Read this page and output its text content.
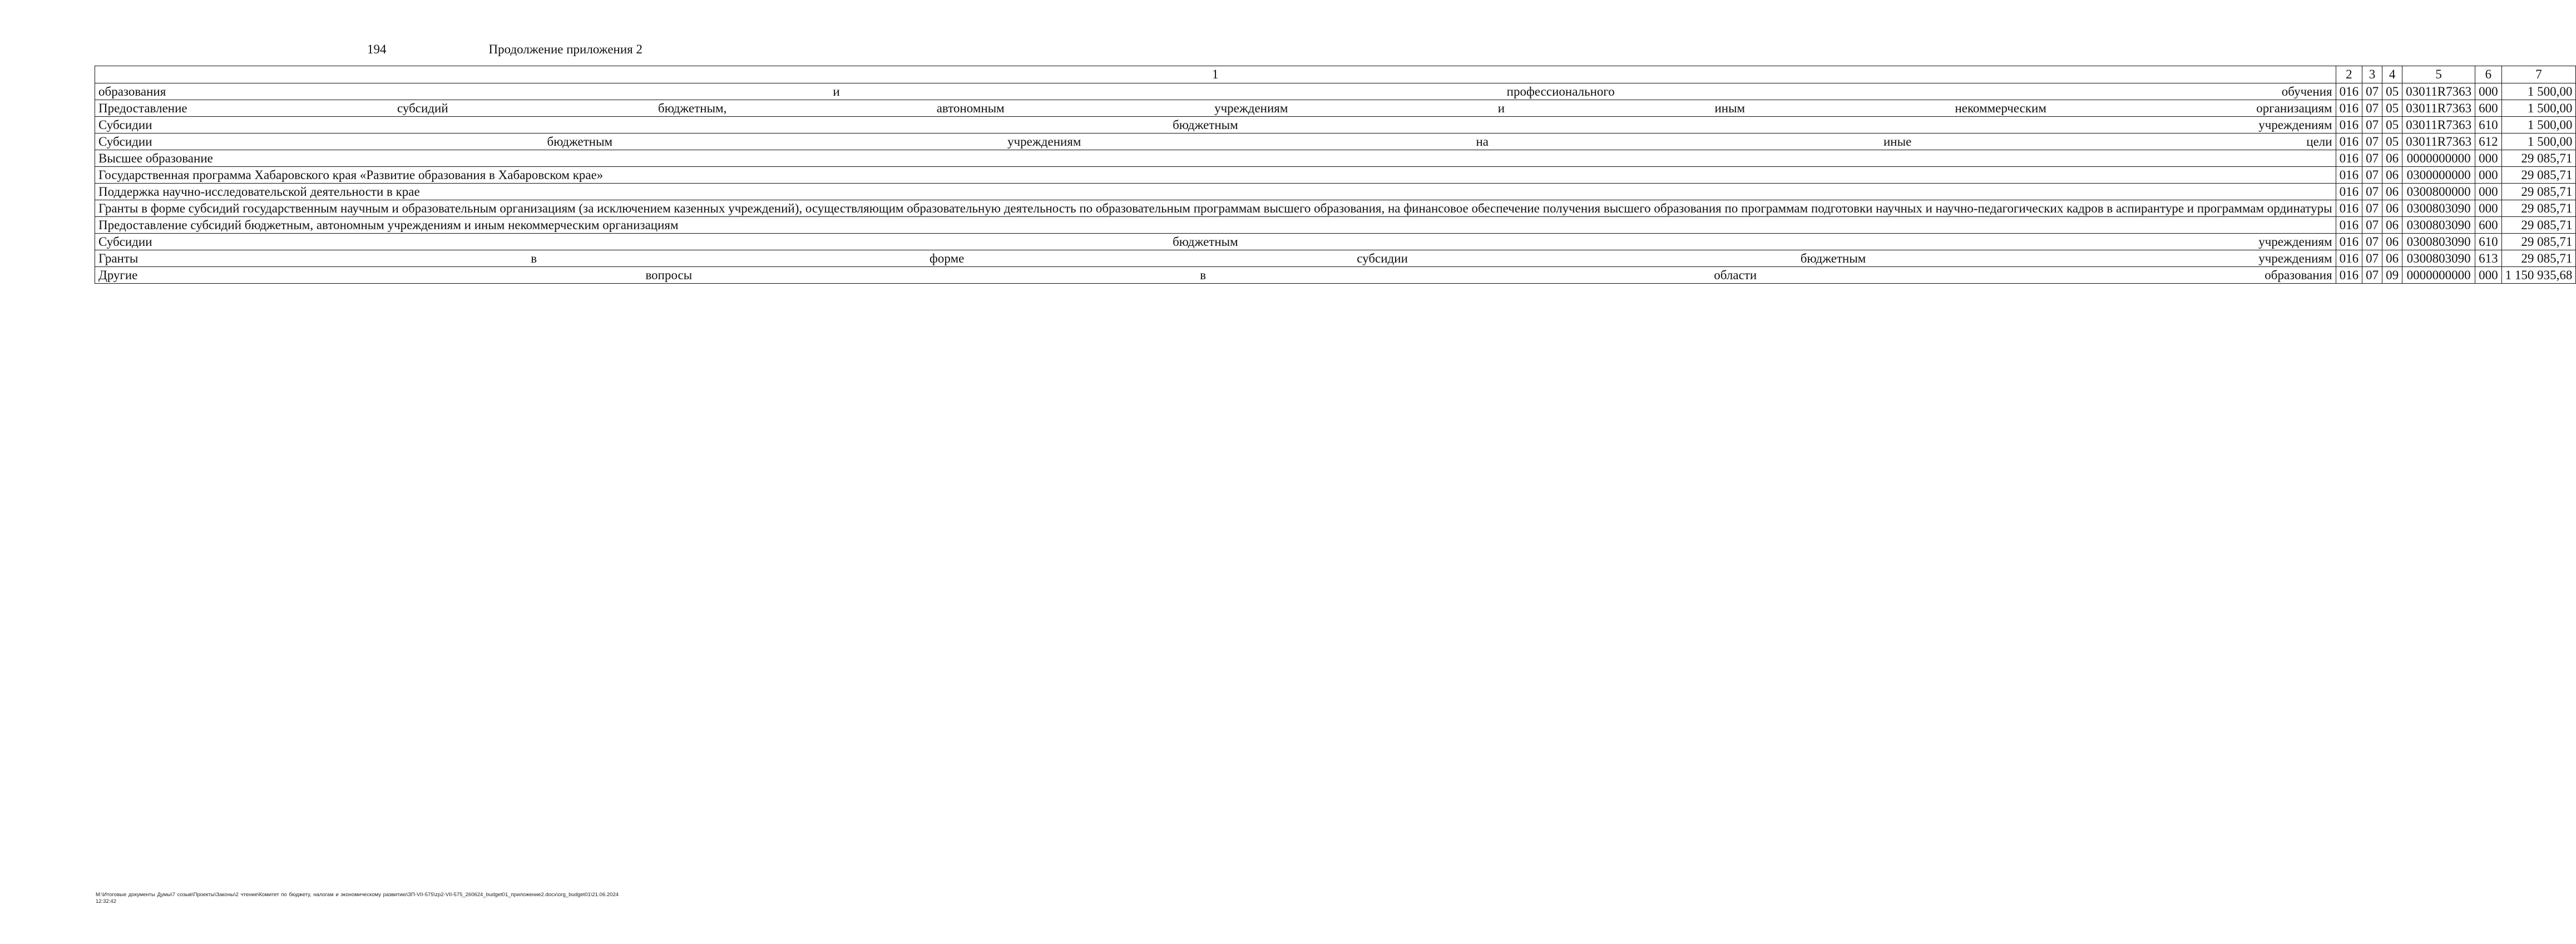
194	Продолжение приложения 2
1	2	3	4	5	6	7
образования и профессионального обучения	016	07	05	03011R7363	000	1 500,00
Предоставление субсидий бюджетным, автономным учреждениям и иным некоммерческим организациям	016	07	05	03011R7363	600	1 500,00
Субсидии бюджетным учреждениям	016	07	05	03011R7363	610	1 500,00
Субсидии бюджетным учреждениям на иные цели	016	07	05	03011R7363	612	1 500,00
Высшее образование	016	07	06	0000000000	000	29 085,71
Государственная программа Хабаровского края «Развитие образования в Хабаровском крае»	016	07	06	0300000000	000	29 085,71
Поддержка научно-исследовательской деятельности в крае	016	07	06	0300800000	000	29 085,71
Гранты в форме субсидий государственным научным и образовательным организациям (за исключением казенных учреждений), осуществляющим образовательную деятельность по образовательным программам высшего образования, на финансовое обеспечение получения высшего образования по программам подготовки научных и научно-педагогических кадров в аспирантуре и программам ординатуры	016	07	06	0300803090	000	29 085,71
Предоставление субсидий бюджетным, автономным учреждениям и иным некоммерческим организациям	016	07	06	0300803090	600	29 085,71
Субсидии бюджетным учреждениям	016	07	06	0300803090	610	29 085,71
Гранты в форме субсидии бюджетным учреждениям	016	07	06	0300803090	613	29 085,71
Другие вопросы в области образования	016	07	09	0000000000	000	1 150 935,68
M:\Итоговые документы Думы\7 созыв\Проекты\Законы\2 чтение\Комитет по бюджету, налогам и экономическому развитию\ЗП-VII-575\zp2-VII-575_260624_budget01_приложение2.docx\org_budget01\21.06.2024 12:32:42
